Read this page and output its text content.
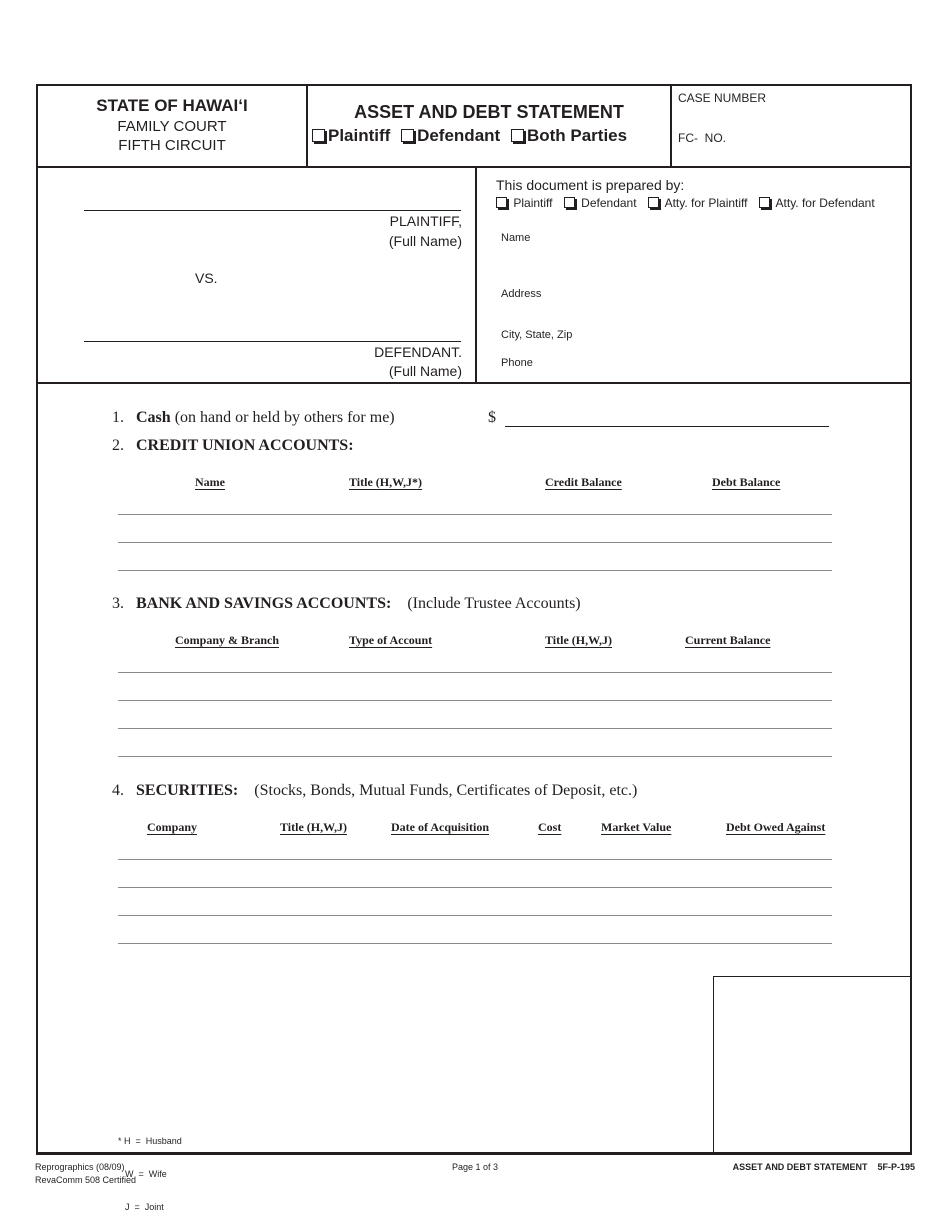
STATE OF HAWAI‘I
FAMILY COURT
FIFTH CIRCUIT
ASSET AND DEBT STATEMENT
Plaintiff Defendant Both Parties
CASE NUMBER
FC-  NO.
PLAINTIFF,
(Full Name)
VS.
DEFENDANT.
(Full Name)
This document is prepared by:
Plaintiff Defendant Atty. for Plaintiff Atty. for Defendant
Name
Address
City, State, Zip
Phone
1. Cash (on hand or held by others for me)	$
2. CREDIT UNION ACCOUNTS:
Name	Title (H,W,J*)	Credit Balance	Debt Balance
3. BANK AND SAVINGS ACCOUNTS: (Include Trustee Accounts)
Company & Branch	Type of Account	Title (H,W,J)	Current Balance
4. SECURITIES: (Stocks, Bonds, Mutual Funds, Certificates of Deposit, etc.)
Company	Title (H,W,J)	Date of Acquisition	Cost	Market Value	Debt Owed Against

* H  =  Husband

W  =  Wife

J  =  Joint

Reprographics (08/09)
RevaComm 508 Certified
Page 1 of 3	ASSET AND DEBT STATEMENT    5F-P-195
